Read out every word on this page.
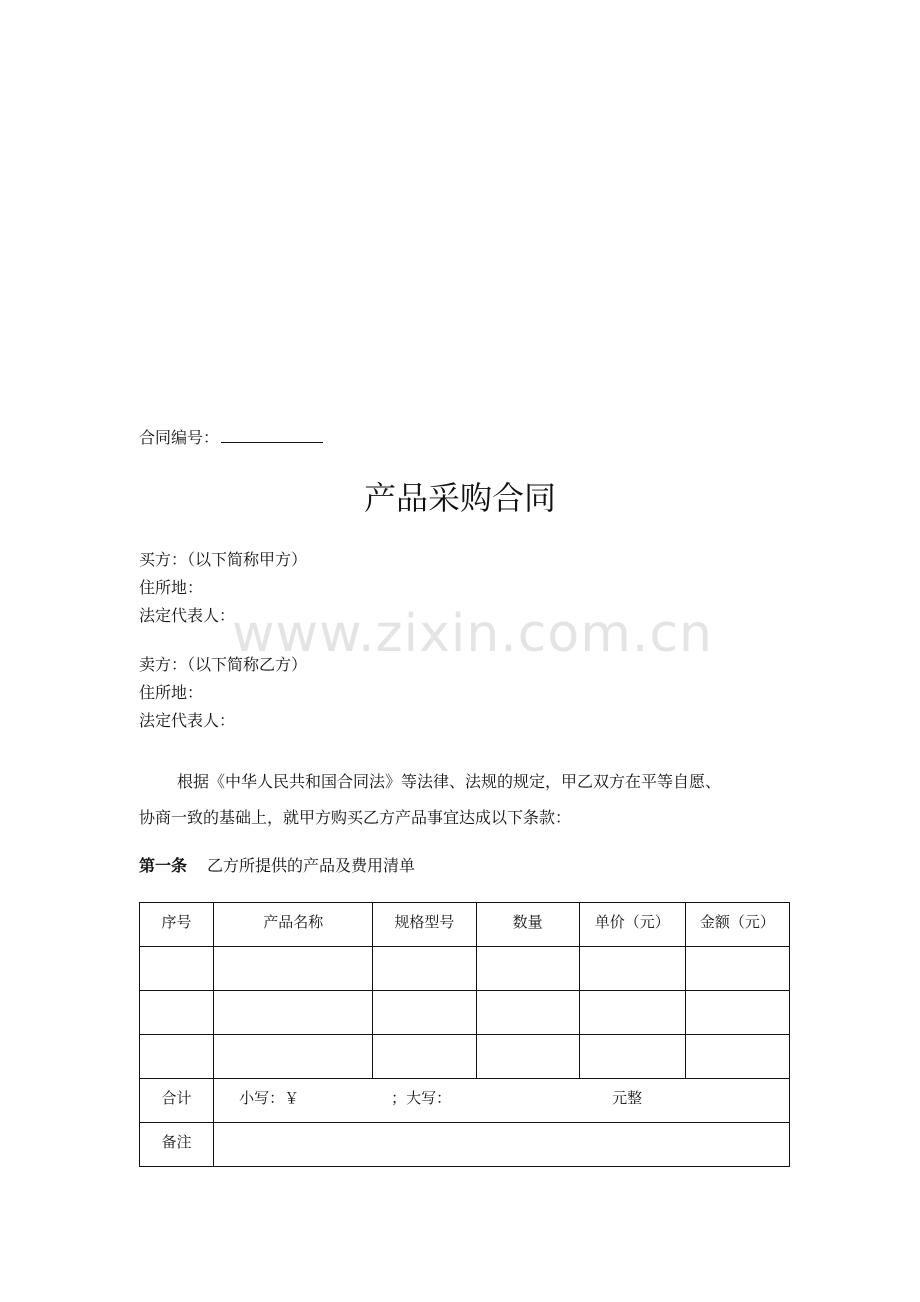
www.zixin.com.cn
合同编号：
产品采购合同
买方：（以下简称甲方）
住所地：
法定代表人：
卖方：（以下简称乙方）
住所地：
法定代表人：
根据《中华人民共和国合同法》等法律、法规的规定，甲乙双方在平等自愿、
协商一致的基础上，就甲方购买乙方产品事宜达成以下条款：
第一条 乙方所提供的产品及费用清单
序号	产品名称	规格型号	数量	单价（元）	金额（元）

合计	小写：￥ ；大写： 元整				

备注					
